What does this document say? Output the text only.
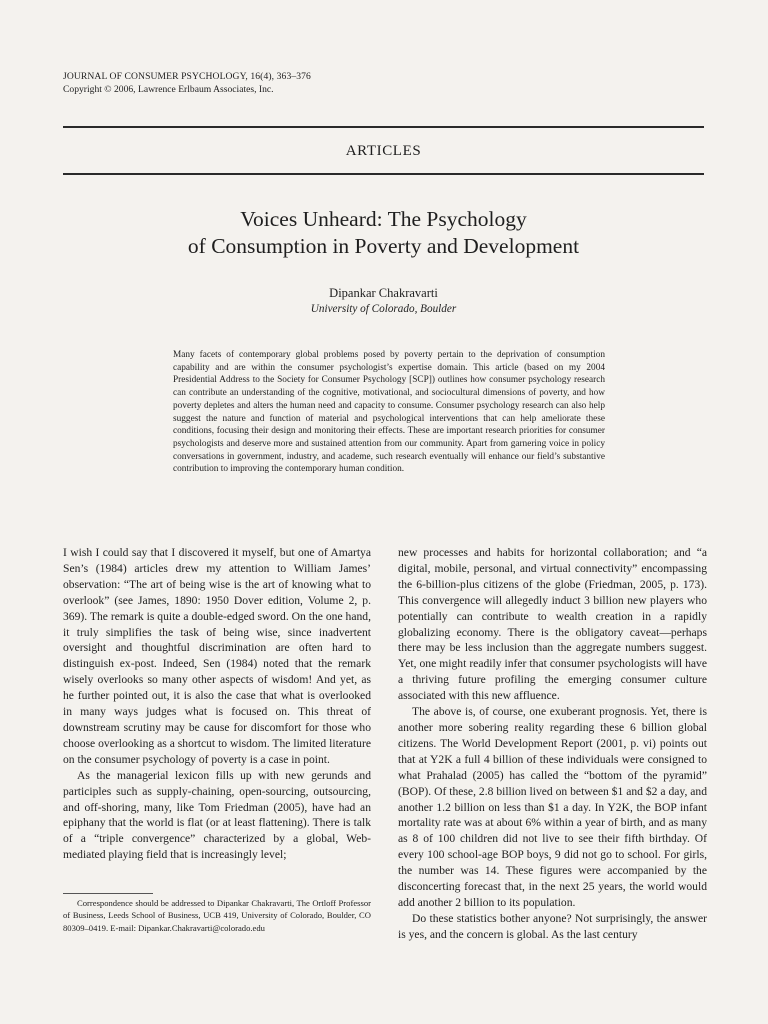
JOURNAL OF CONSUMER PSYCHOLOGY, 16(4), 363–376
Copyright © 2006, Lawrence Erlbaum Associates, Inc.
ARTICLES
Voices Unheard: The Psychology
of Consumption in Poverty and Development
Dipankar Chakravarti
University of Colorado, Boulder
Many facets of contemporary global problems posed by poverty pertain to the deprivation of consumption capability and are within the consumer psychologist’s expertise domain. This article (based on my 2004 Presidential Address to the Society for Consumer Psychology [SCP]) outlines how consumer psychology research can contribute an understanding of the cognitive, motivational, and sociocultural dimensions of poverty, and how poverty depletes and alters the human need and capacity to consume. Consumer psychology research can also help suggest the nature and function of material and psychological interventions that can help ameliorate these conditions, focusing their design and monitoring their effects. These are important research priorities for consumer psychologists and deserve more and sustained attention from our community. Apart from garnering voice in policy conversations in government, industry, and academe, such research eventually will enhance our field’s substantive contribution to improving the contemporary human condition.

I wish I could say that I discovered it myself, but one of Amartya Sen’s (1984) articles drew my attention to William James’ observation: “The art of being wise is the art of knowing what to overlook” (see James, 1890: 1950 Dover edition, Volume 2, p. 369). The remark is quite a double-edged sword. On the one hand, it truly simplifies the task of being wise, since inadvertent oversight and thoughtful discrimination are often hard to distinguish ex-post. Indeed, Sen (1984) noted that the remark wisely overlooks so many other aspects of wisdom! And yet, as he further pointed out, it is also the case that what is overlooked in many ways judges what is focused on. This threat of downstream scrutiny may be cause for discomfort for those who choose overlooking as a shortcut to wisdom. The limited literature on the consumer psychology of poverty is a case in point.

As the managerial lexicon fills up with new gerunds and participles such as supply-chaining, open-sourcing, outsourcing, and off-shoring, many, like Tom Friedman (2005), have had an epiphany that the world is flat (or at least flattening). There is talk of a “triple convergence” characterized by a global, Web-mediated playing field that is increasingly level;

new processes and habits for horizontal collaboration; and “a digital, mobile, personal, and virtual connectivity” encompassing the 6-billion-plus citizens of the globe (Friedman, 2005, p. 173). This convergence will allegedly induct 3 billion new players who potentially can contribute to wealth creation in a rapidly globalizing economy. There is the obligatory caveat—perhaps there may be less inclusion than the aggregate numbers suggest. Yet, one might readily infer that consumer psychologists will have a thriving future profiling the emerging consumer culture associated with this new affluence.

The above is, of course, one exuberant prognosis. Yet, there is another more sobering reality regarding these 6 billion global citizens. The World Development Report (2001, p. vi) points out that at Y2K a full 4 billion of these individuals were consigned to what Prahalad (2005) has called the “bottom of the pyramid” (BOP). Of these, 2.8 billion lived on between $1 and $2 a day, and another 1.2 billion on less than $1 a day. In Y2K, the BOP infant mortality rate was at about 6% within a year of birth, and as many as 8 of 100 children did not live to see their fifth birthday. Of every 100 school-age BOP boys, 9 did not go to school. For girls, the number was 14. These figures were accompanied by the disconcerting forecast that, in the next 25 years, the world would add another 2 billion to its population.

Do these statistics bother anyone? Not surprisingly, the answer is yes, and the concern is global. As the last century

Correspondence should be addressed to Dipankar Chakravarti, The Ortloff Professor of Business, Leeds School of Business, UCB 419, University of Colorado, Boulder, CO 80309–0419. E-mail: Dipankar.Chakravarti@colorado.edu
